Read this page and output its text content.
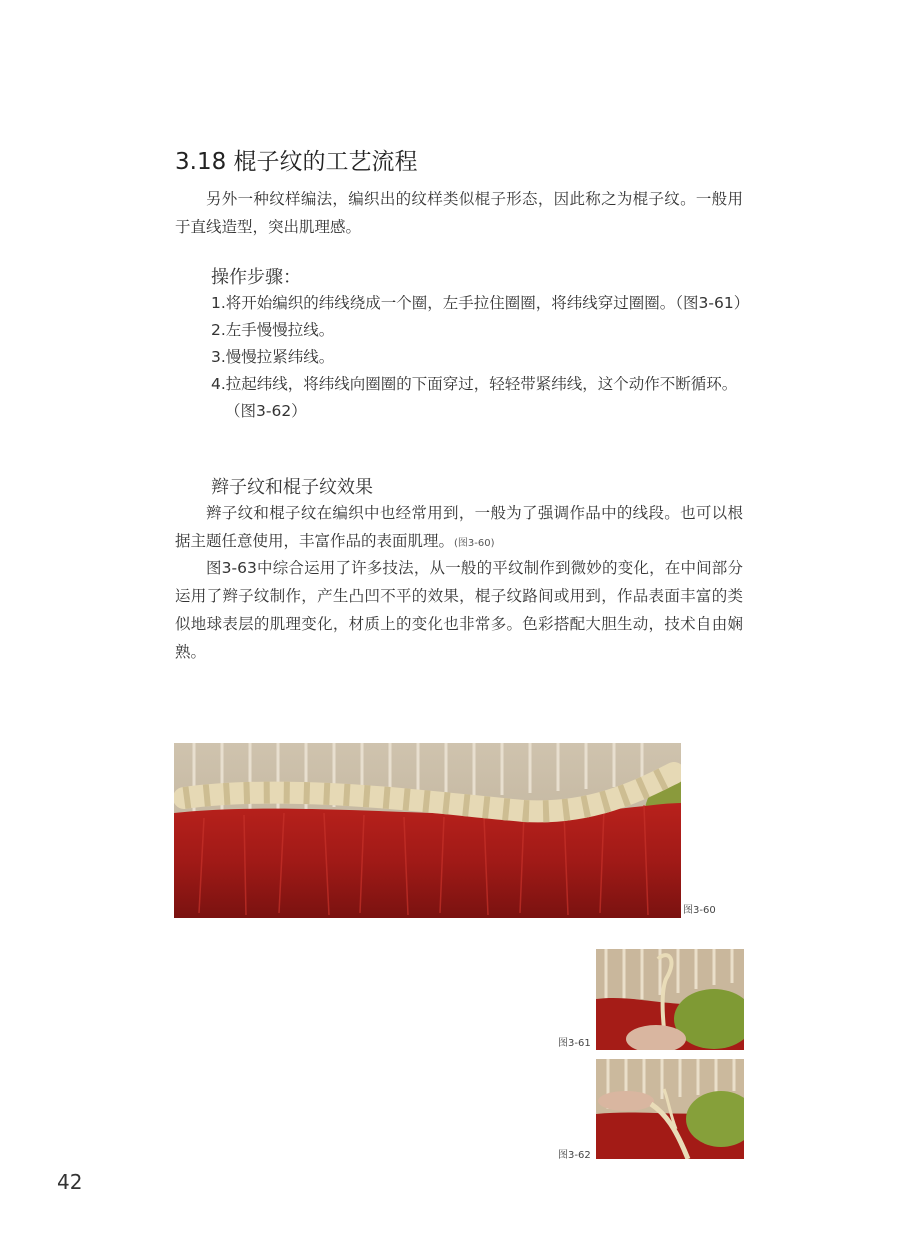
3.18 棍子纹的工艺流程

另外一种纹样编法，编织出的纹样类似棍子形态，因此称之为棍子纹。一般用于直线造型，突出肌理感。

操作步骤：
1.将开始编织的纬线绕成一个圈，左手拉住圈圈，将纬线穿过圈圈。（图3-61）
2.左手慢慢拉线。
3.慢慢拉紧纬线。
4.拉起纬线，将纬线向圈圈的下面穿过，轻轻带紧纬线，这个动作不断循环。（图3-62）
辫子纹和棍子纹效果

辫子纹和棍子纹在编织中也经常用到，一般为了强调作品中的线段。也可以根据主题任意使用，丰富作品的表面肌理。(图3-60)

图3-63中综合运用了许多技法，从一般的平纹制作到微妙的变化，在中间部分运用了辫子纹制作，产生凸凹不平的效果，棍子纹路间或用到，作品表面丰富的类似地球表层的肌理变化，材质上的变化也非常多。色彩搭配大胆生动，技术自由娴熟。

图3-60
图3-61
图3-62
42
